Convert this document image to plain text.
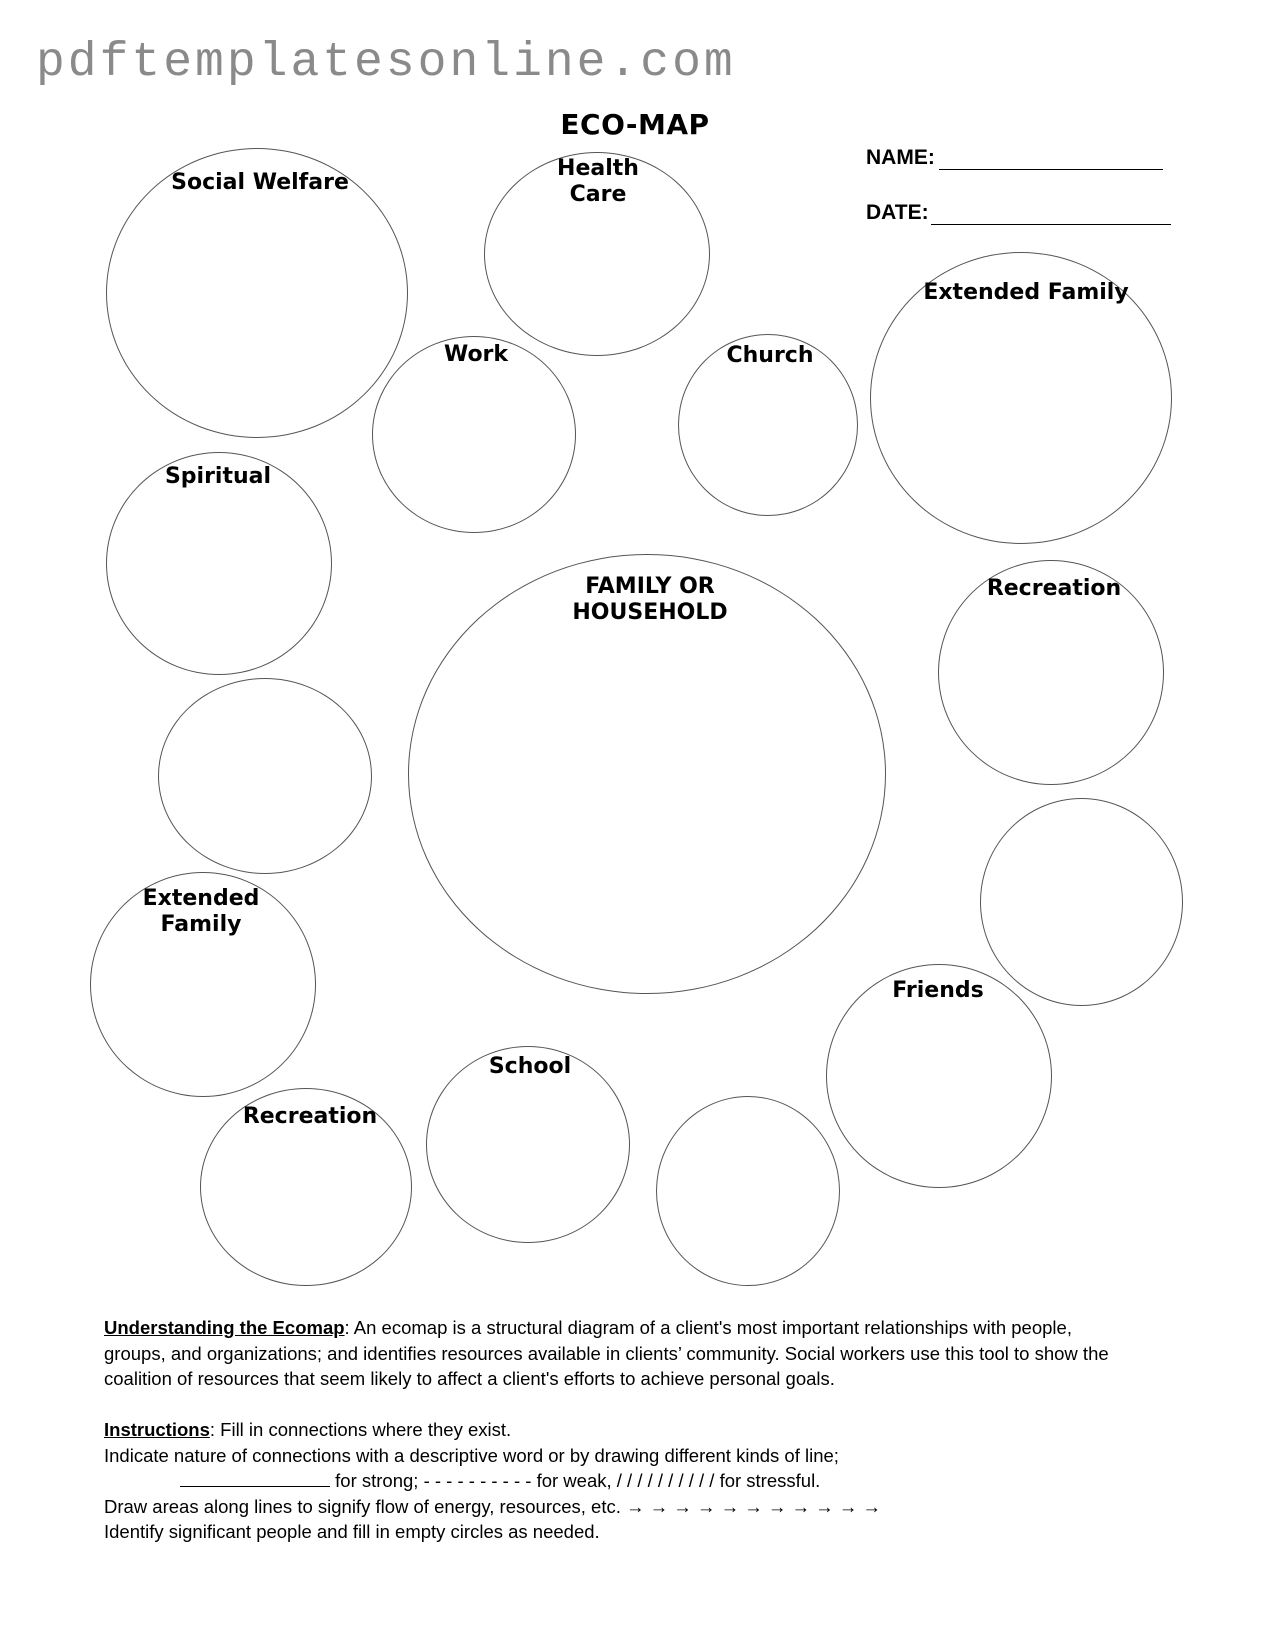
pdftemplatesonline.com
ECO-MAP
NAME:
DATE:
Social Welfare
Health
Care
Work	Church
Extended Family
Spiritual
FAMILY OR
HOUSEHOLD
Recreation
Extended
Family
Friends
School
Recreation
Understanding the Ecomap: An ecomap is a structural diagram of a client's most important relationships with people,
groups, and organizations; and identifies resources available in clients’ community. Social workers use this tool to show the
coalition of resources that seem likely to affect a client's efforts to achieve personal goals.
Instructions: Fill in connections where they exist.
Indicate nature of connections with a descriptive word or by drawing different kinds of line;
for strong; - - - - - - - - - - for weak, / / / / / / / / / / for stressful.
Draw areas along lines to signify flow of energy, resources, etc. → → → → → → → → → → →
Identify significant people and fill in empty circles as needed.
